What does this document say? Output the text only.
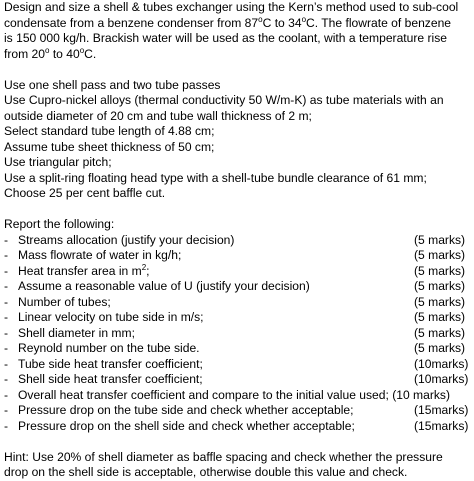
Design and size a shell & tubes exchanger using the Kern’s method used to sub-cool

condensate from a benzene condenser from 87$^o$C to 34$^o$C. The flowrate of benzene

is 150 000 kg/h. Brackish water will be used as the coolant, with a temperature rise

from 20$^o$ to 40$^o$C.

Use one shell pass and two tube passes

Use Cupro-nickel alloys (thermal conductivity 50 W/m-K) as tube materials with an

outside diameter of 20 cm and tube wall thickness of 2 m;

Select standard tube length of 4.88 cm;

Assume tube sheet thickness of 50 cm;

Use triangular pitch;

Use a split-ring floating head type with a shell-tube bundle clearance of 61 mm;

Choose 25 per cent baffle cut.

Report the following:

- Streams allocation (justify your decision)	(5 marks)
- Mass flowrate of water in kg/h;	(5 marks)
- Heat transfer area in $m^2$;	(5 marks)
- Assume a reasonable value of U (justify your decision)	(5 marks)
- Number of tubes;	(5 marks)
- Linear velocity on tube side in m/s;	(5 marks)
- Shell diameter in mm;	(5 marks)
- Reynold number on the tube side.	(5 marks)
- Tube side heat transfer coefficient;	(10marks)
- Shell side heat transfer coefficient;	(10marks)
- Overall heat transfer coefficient and compare to the initial value used; (10 marks)
- Pressure drop on the tube side and check whether acceptable;	(15marks)
- Pressure drop on the shell side and check whether acceptable;	(15marks)

Hint: Use 20% of shell diameter as baffle spacing and check whether the pressure

drop on the shell side is acceptable, otherwise double this value and check.
